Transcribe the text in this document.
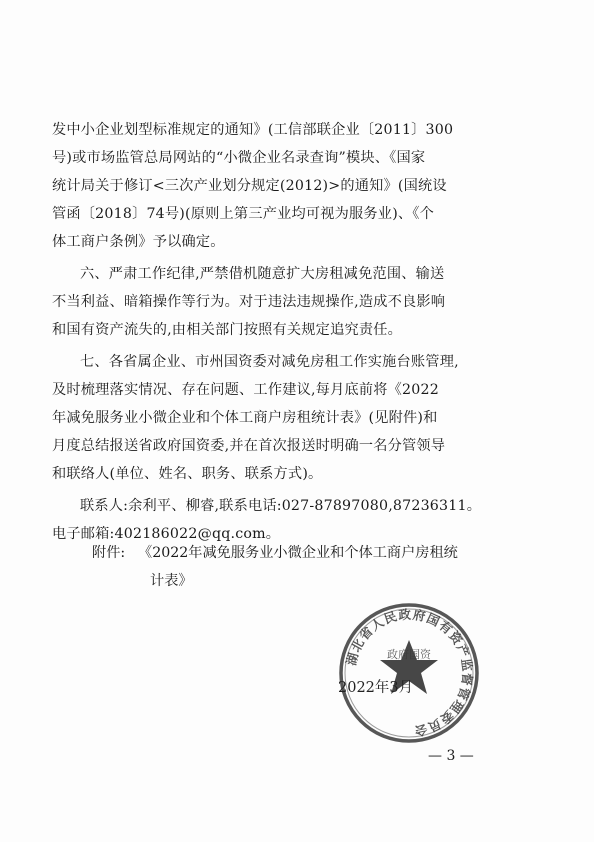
发中小企业划型标准规定的通知》(工信部联企业〔2011〕300
号)或市场监管总局网站的“小微企业名录查询”模块、《国家
统计局关于修订<三次产业划分规定(2012)>的通知》(国统设
管函〔2018〕74号)(原则上第三产业均可视为服务业)、《个
体工商户条例》予以确定。
六、严肃工作纪律,严禁借机随意扩大房租减免范围、输送
不当利益、暗箱操作等行为。对于违法违规操作,造成不良影响
和国有资产流失的,由相关部门按照有关规定追究责任。
七、各省属企业、市州国资委对减免房租工作实施台账管理,
及时梳理落实情况、存在问题、工作建议,每月底前将《2022
年减免服务业小微企业和个体工商户房租统计表》(见附件)和
月度总结报送省政府国资委,并在首次报送时明确一名分管领导
和联络人(单位、姓名、职务、联系方式)。
联系人:余利平、柳睿,联系电话:027-87897080,87236311。
电子邮箱:402186022@qq.com。
附件: 《2022年减免服务业小微企业和个体工商户房租统
计表》
湖北省人民政府国有资产监督管理委员会
政府国资
2022年3月
— 3 —
